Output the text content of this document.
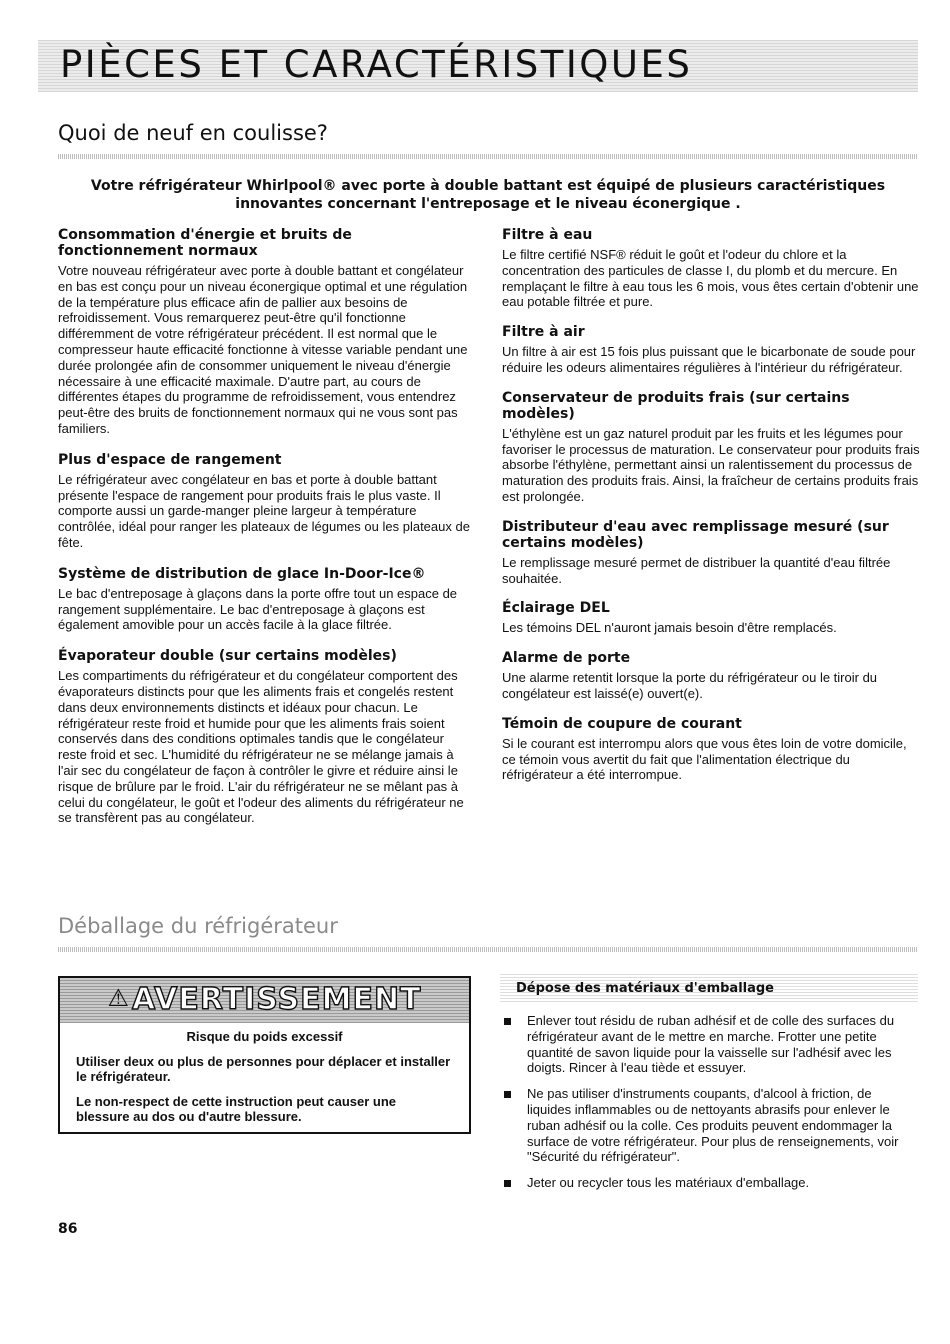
PIÈCES ET CARACTÉRISTIQUES
Quoi de neuf en coulisse?
Votre réfrigérateur Whirlpool® avec porte à double battant est équipé de plusieurs caractéristiques innovantes concernant l'entreposage et le niveau éconergique .

Consommation d'énergie et bruits de fonctionnement normaux

Votre nouveau réfrigérateur avec porte à double battant et congélateur en bas est conçu pour un niveau éconergique optimal et une régulation de la température plus efficace afin de pallier aux besoins de refroidissement. Vous remarquerez peut-être qu'il fonctionne différemment de votre réfrigérateur précédent. Il est normal que le compresseur haute efficacité fonctionne à vitesse variable pendant une durée prolongée afin de consommer uniquement le niveau d'énergie nécessaire à une efficacité maximale. D'autre part, au cours de différentes étapes du programme de refroidissement, vous entendrez peut-être des bruits de fonctionnement normaux qui ne vous sont pas familiers.

Plus d'espace de rangement

Le réfrigérateur avec congélateur en bas et porte à double battant présente l'espace de rangement pour produits frais le plus vaste. Il comporte aussi un garde-manger pleine largeur à température contrôlée, idéal pour ranger les plateaux de légumes ou les plateaux de fête.

Système de distribution de glace In-Door-Ice®

Le bac d'entreposage à glaçons dans la porte offre tout un espace de rangement supplémentaire. Le bac d'entreposage à glaçons est également amovible pour un accès facile à la glace filtrée.

Évaporateur double (sur certains modèles)

Les compartiments du réfrigérateur et du congélateur comportent des évaporateurs distincts pour que les aliments frais et congelés restent dans deux environnements distincts et idéaux pour chacun. Le réfrigérateur reste froid et humide pour que les aliments frais soient conservés dans des conditions optimales tandis que le congélateur reste froid et sec. L'humidité du réfrigérateur ne se mélange jamais à l'air sec du congélateur de façon à contrôler le givre et réduire ainsi le risque de brûlure par le froid. L'air du réfrigérateur ne se mêlant pas à celui du congélateur, le goût et l'odeur des aliments du réfrigérateur ne se transfèrent pas au congélateur.

Filtre à eau

Le filtre certifié NSF® réduit le goût et l'odeur du chlore et la concentration des particules de classe I, du plomb et du mercure. En remplaçant le filtre à eau tous les 6 mois, vous êtes certain d'obtenir une eau potable filtrée et pure.

Filtre à air

Un filtre à air est 15 fois plus puissant que le bicarbonate de soude pour réduire les odeurs alimentaires régulières à l'intérieur du réfrigérateur.

Conservateur de produits frais (sur certains modèles)

L'éthylène est un gaz naturel produit par les fruits et les légumes pour favoriser le processus de maturation. Le conservateur pour produits frais absorbe l'éthylène, permettant ainsi un ralentissement du processus de maturation des produits frais. Ainsi, la fraîcheur de certains produits frais est prolongée.

Distributeur d'eau avec remplissage mesuré (sur certains modèles)

Le remplissage mesuré permet de distribuer la quantité d'eau filtrée souhaitée.

Éclairage DEL

Les témoins DEL n'auront jamais besoin d'être remplacés.

Alarme de porte

Une alarme retentit lorsque la porte du réfrigérateur ou le tiroir du congélateur est laissé(e) ouvert(e).

Témoin de coupure de courant

Si le courant est interrompu alors que vous êtes loin de votre domicile, ce témoin vous avertit du fait que l'alimentation électrique du réfrigérateur a été interrompue.

Déballage du réfrigérateur
⚠AVERTISSEMENT

Risque du poids excessif

Utiliser deux ou plus de personnes pour déplacer et installer le réfrigérateur.

Le non-respect de cette instruction peut causer une blessure au dos ou d'autre blessure.

Dépose des matériaux d'emballage
Enlever tout résidu de ruban adhésif et de colle des surfaces du réfrigérateur avant de le mettre en marche. Frotter une petite quantité de savon liquide pour la vaisselle sur l'adhésif avec les doigts. Rincer à l'eau tiède et essuyer.
Ne pas utiliser d'instruments coupants, d'alcool à friction, de liquides inflammables ou de nettoyants abrasifs pour enlever le ruban adhésif ou la colle. Ces produits peuvent endommager la surface de votre réfrigérateur. Pour plus de renseignements, voir "Sécurité du réfrigérateur".
Jeter ou recycler tous les matériaux d'emballage.
86
